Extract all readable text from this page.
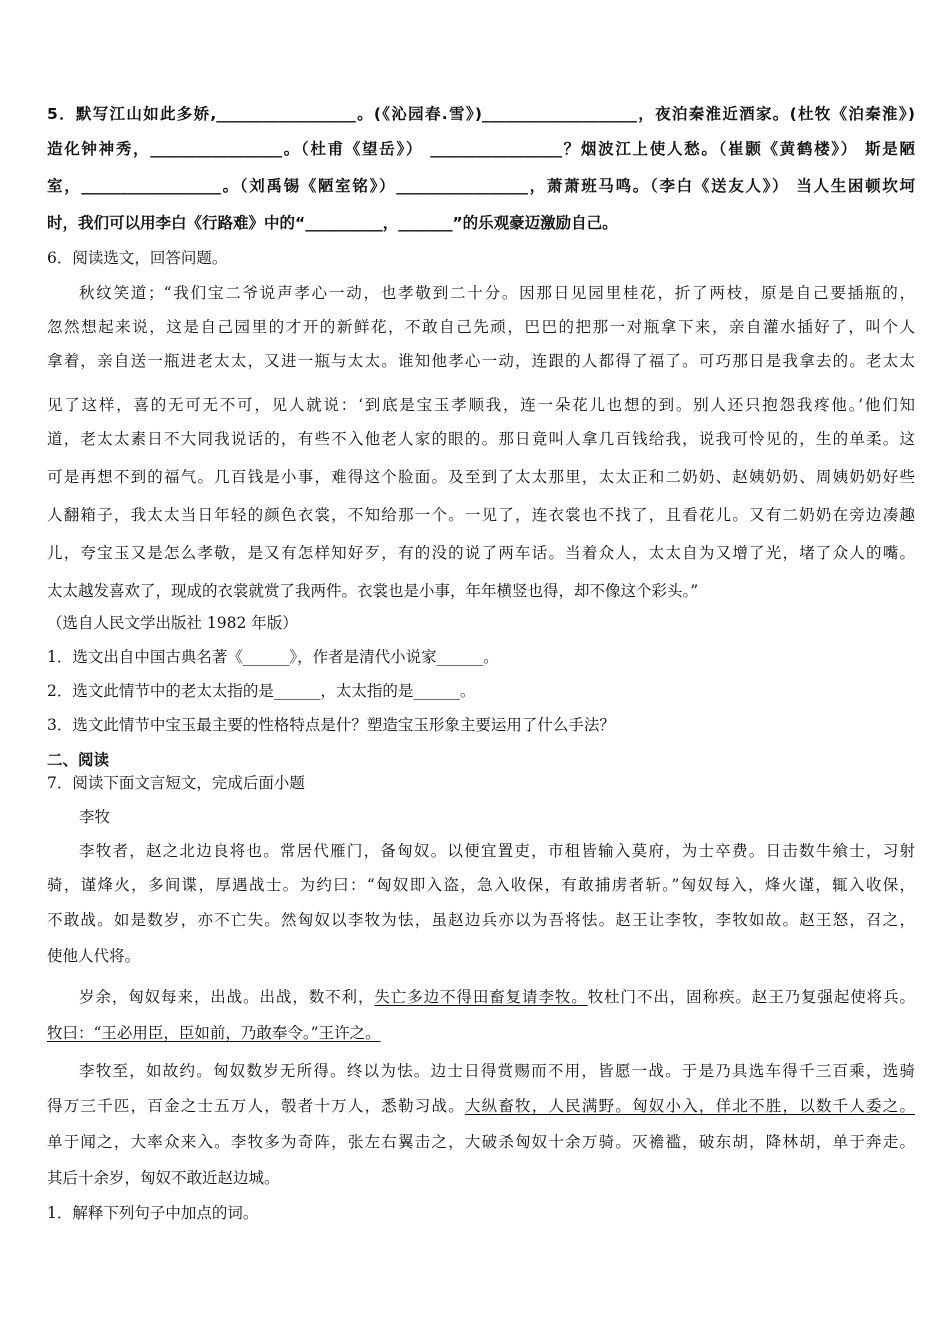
5．默写江山如此多娇,__________________。(《沁园春.雪》)____________________，夜泊秦淮近酒家。(杜牧《泊秦淮》)
造化钟神秀，_________________。（杜甫《望岳》） _________________？烟波江上使人愁。（崔颢《黄鹤楼》） 斯是陋
室，__________________。（刘禹锡《陋室铭》）_________________，萧萧班马鸣。（李白《送友人》） 当人生困顿坎坷
时，我们可以用李白《行路难》中的“__________，_______”的乐观豪迈激励自己。
6．阅读选文，回答问题。
秋纹笑道；“我们宝二爷说声孝心一动，也孝敬到二十分。因那日见园里桂花，折了两枝，原是自己要插瓶的，
忽然想起来说，这是自己园里的才开的新鲜花，不敢自己先顽，巴巴的把那一对瓶拿下来，亲自灌水插好了，叫个人
拿着，亲自送一瓶进老太太，又进一瓶与太太。谁知他孝心一动，连跟的人都得了福了。可巧那日是我拿去的。老太太
见了这样，喜的无可无不可，见人就说：‘到底是宝玉孝顺我，连一朵花儿也想的到。别人还只抱怨我疼他。’他们知
道，老太太素日不大同我说话的，有些不入他老人家的眼的。那日竟叫人拿几百钱给我，说我可怜见的，生的单柔。这
可是再想不到的福气。几百钱是小事，难得这个脸面。及至到了太太那里，太太正和二奶奶、赵姨奶奶、周姨奶奶好些
人翻箱子，我太太当日年轻的颜色衣裳，不知给那一个。一见了，连衣裳也不找了，且看花儿。又有二奶奶在旁边凑趣
儿，夸宝玉又是怎么孝敬，是又有怎样知好歹，有的没的说了两车话。当着众人，太太自为又增了光，堵了众人的嘴。
太太越发喜欢了，现成的衣裳就赏了我两件。衣裳也是小事，年年横竖也得，却不像这个彩头。”
（选自人民文学出版社 1982 年版）
1．选文出自中国古典名著《______》，作者是清代小说家______。
2．选文此情节中的老太太指的是______，太太指的是______。
3．选文此情节中宝玉最主要的性格特点是什？塑造宝玉形象主要运用了什么手法？
二、阅读
7．阅读下面文言短文，完成后面小题
李牧
李牧者，赵之北边良将也。常居代雁门，备匈奴。以便宜置吏，市租皆输入莫府，为士卒费。日击数牛飨士，习射
骑，谨烽火，多间谍，厚遇战士。为约曰：“匈奴即入盗，急入收保，有敢捕虏者斩。”匈奴每入，烽火谨，辄入收保，
不敢战。如是数岁，亦不亡失。然匈奴以李牧为怯，虽赵边兵亦以为吾将怯。赵王让李牧，李牧如故。赵王怒，召之，
使他人代将。
岁余，匈奴每来，出战。出战，数不利，失亡多边不得田畜复请李牧。牧杜门不出，固称疾。赵王乃复强起使将兵。
牧曰：“王必用臣，臣如前，乃敢奉令。”王许之。
李牧至，如故约。匈奴数岁无所得。终以为怯。边士日得赏赐而不用，皆愿一战。于是乃具选车得千三百乘，选骑
得万三千匹，百金之士五万人，彀者十万人，悉勒习战。大纵畜牧，人民满野。匈奴小入，佯北不胜，以数千人委之。
单于闻之，大率众来入。李牧多为奇阵，张左右翼击之，大破杀匈奴十余万骑。灭襜褴，破东胡，降林胡，单于奔走。
其后十余岁，匈奴不敢近赵边城。
1．解释下列句子中加点的词。
